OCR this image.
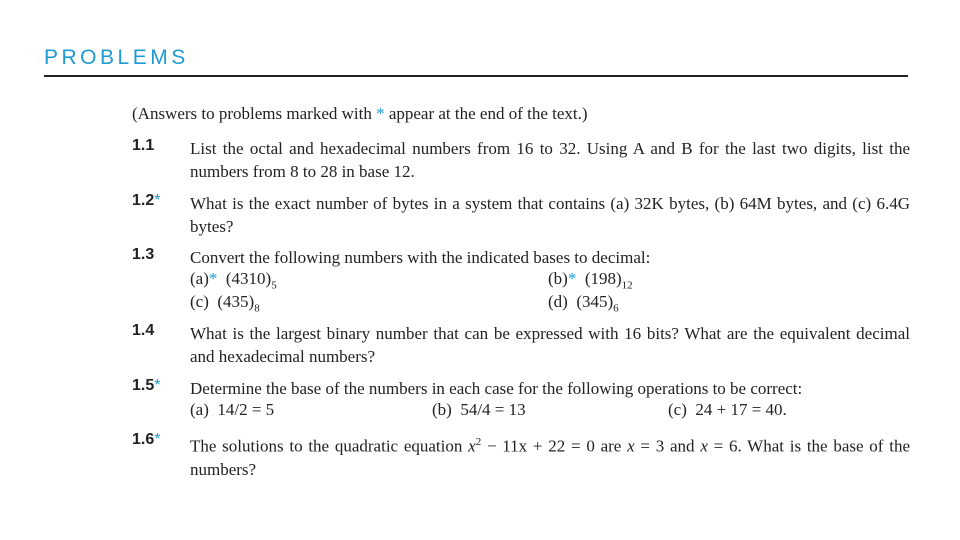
PROBLEMS
(Answers to problems marked with * appear at the end of the text.)
1.1 List the octal and hexadecimal numbers from 16 to 32. Using A and B for the last two digits, list the numbers from 8 to 28 in base 12.
1.2* What is the exact number of bytes in a system that contains (a) 32K bytes, (b) 64M bytes, and (c) 6.4G bytes?
1.3 Convert the following numbers with the indicated bases to decimal:
(a)* $(4310)_5$	(b)* $(198)_{12}$
(c) $(435)_8$	(d) $(345)_6$
1.4 What is the largest binary number that can be expressed with 16 bits? What are the equivalent decimal and hexadecimal numbers?
1.5* Determine the base of the numbers in each case for the following operations to be correct:
(a) 14/2 = 5	(b) 54/4 = 13	(c) 24 + 17 = 40.
1.6* The solutions to the quadratic equation $x^2 - 11x + 22 = 0$ are x = 3 and x = 6. What is the base of the numbers?
